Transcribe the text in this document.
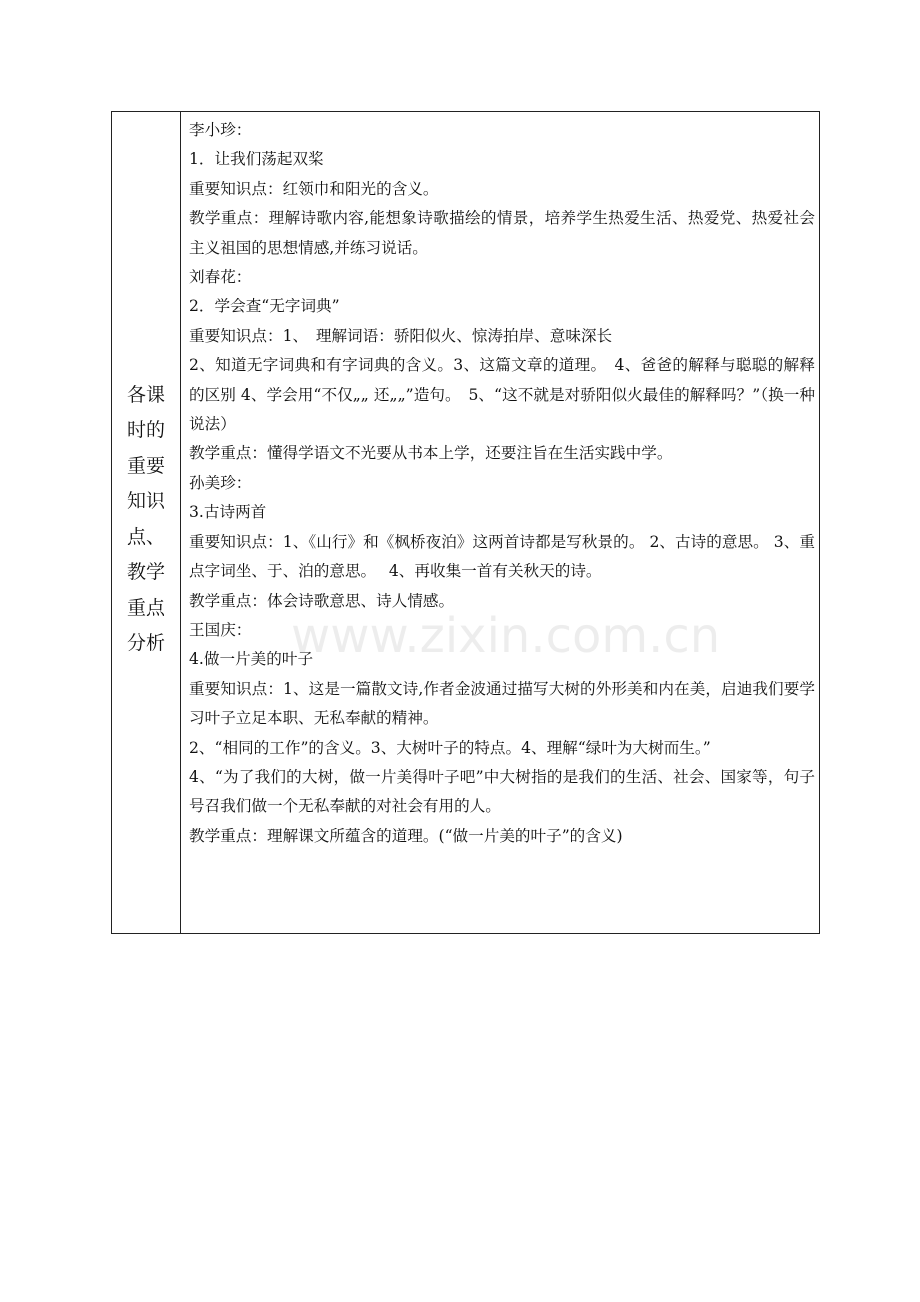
各课
时的
重要
知识
点、
教学
重点
分析

李小珍：

1．让我们荡起双桨

重要知识点：红领巾和阳光的含义。

教学重点：理解诗歌内容,能想象诗歌描绘的情景，培养学生热爱生活、热爱党、热爱社会主义祖国的思想情感,并练习说话。

刘春花：

2．学会查“无字词典”

重要知识点：1、　理解词语：骄阳似火、惊涛拍岸、意味深长

2、知道无字词典和有字词典的含义。3、这篇文章的道理。　4、爸爸的解释与聪聪的解释的区别 4、学会用“不仅„„ 还„„”造句。　5、“这不就是对骄阳似火最佳的解释吗？”（换一种说法）

教学重点：懂得学语文不光要从书本上学，还要注旨在生活实践中学。

孙美珍：

3.古诗两首

重要知识点：1、《山行》和《枫桥夜泊》这两首诗都是写秋景的。 2、古诗的意思。 3、重点字词坐、于、泊的意思。　 4、再收集一首有关秋天的诗。

教学重点：体会诗歌意思、诗人情感。

王国庆：

4.做一片美的叶子

重要知识点：1、这是一篇散文诗,作者金波通过描写大树的外形美和内在美，启迪我们要学习叶子立足本职、无私奉献的精神。

2、“相同的工作”的含义。3、大树叶子的特点。4、理解“绿叶为大树而生。”

4、“为了我们的大树，做一片美得叶子吧”中大树指的是我们的生活、社会、国家等，句子号召我们做一个无私奉献的对社会有用的人。

教学重点：理解课文所蕴含的道理。(“做一片美的叶子”的含义)

www.zixin.com.cn
